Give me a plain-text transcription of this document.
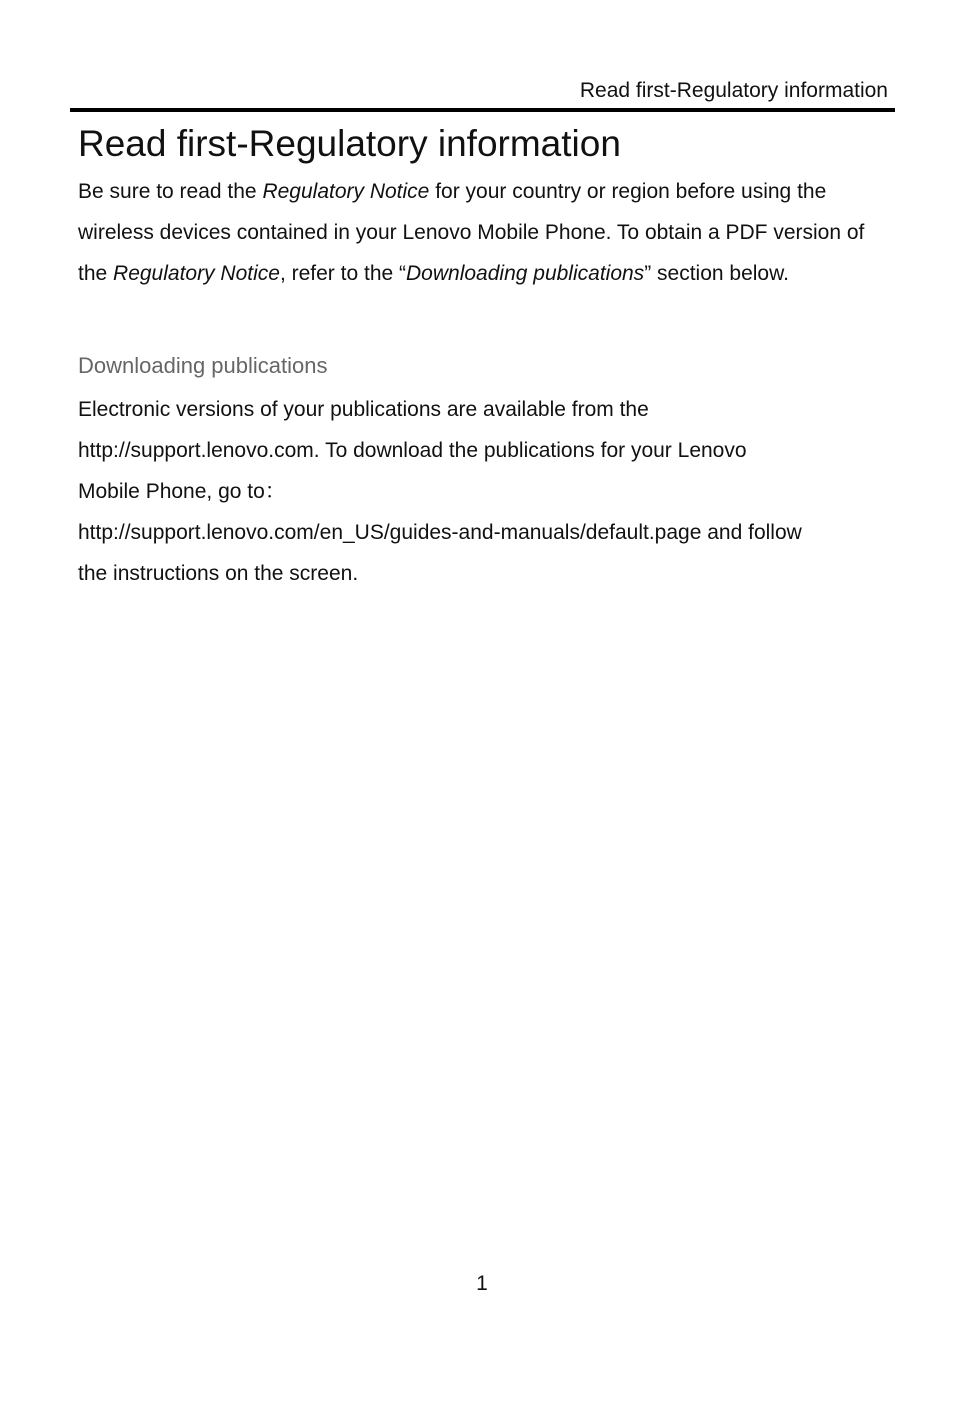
Read first-Regulatory information
Read first-Regulatory information

Be sure to read the Regulatory Notice for your country or region before using the wireless devices contained in your Lenovo Mobile Phone. To obtain a PDF version of the Regulatory Notice, refer to the “Downloading publications” section below.

Downloading publications

Electronic versions of your publications are available from the
http://support.lenovo.com. To download the publications for your Lenovo
Mobile Phone, go to：
http://support.lenovo.com/en_US/guides-and-manuals/default.page and follow
the instructions on the screen.

1
